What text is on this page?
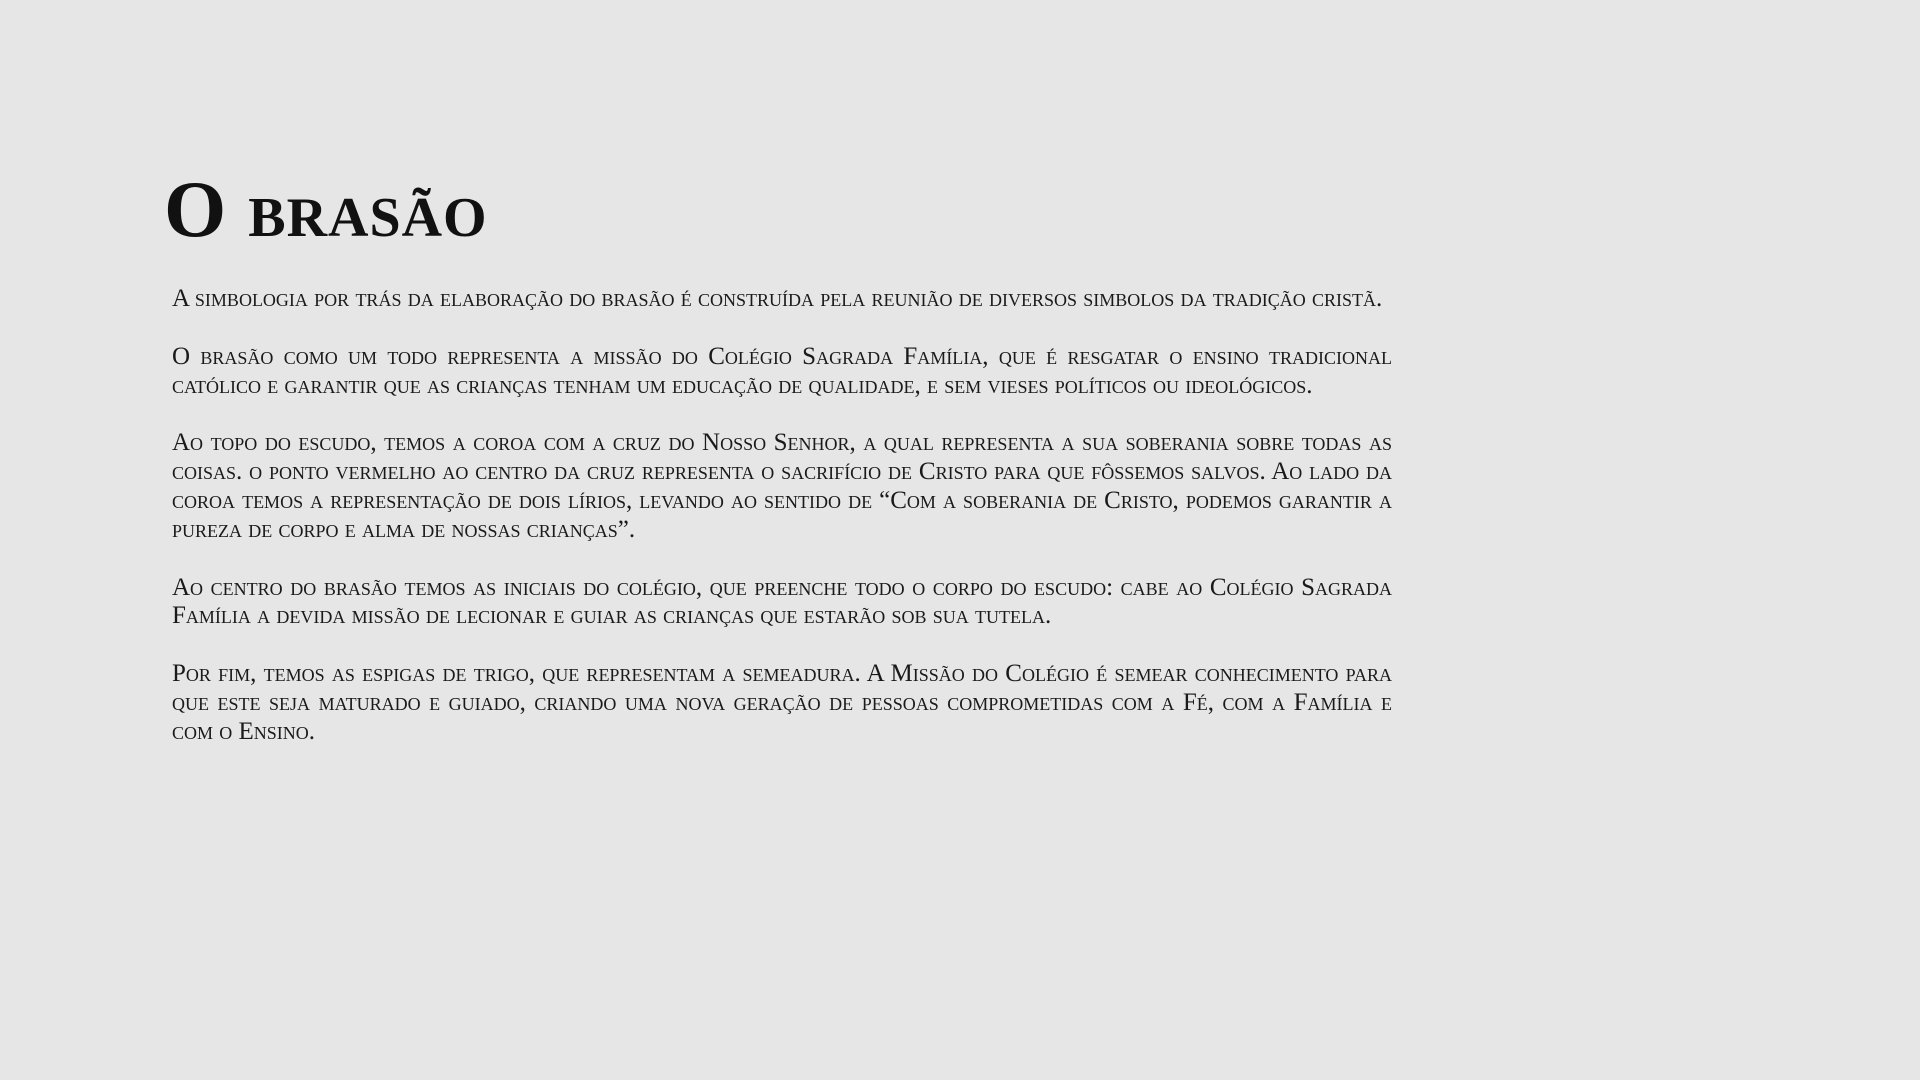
O brasão

A simbologia por trás da elaboração do brasão é construída pela reunião de diversos simbolos da tradição cristã.

O brasão como um todo representa a missão do Colégio Sagrada Família, que é resgatar o ensino tradicional católico e garantir que as crianças tenham um educação de qualidade, e sem vieses políticos ou ideológicos.

Ao topo do escudo, temos a coroa com a cruz do Nosso Senhor, a qual representa a sua soberania sobre todas as coisas. o ponto vermelho ao centro da cruz representa o sacrifício de Cristo para que fôssemos salvos. Ao lado da coroa temos a representação de dois lírios, levando ao sentido de “Com a soberania de Cristo, podemos garantir a pureza de corpo e alma de nossas crianças”.

Ao centro do brasão temos as iniciais do colégio, que preenche todo o corpo do escudo: cabe ao Colégio Sagrada Família a devida missão de lecionar e guiar as crianças que estarão sob sua tutela.

Por fim, temos as espigas de trigo, que representam a semeadura. A Missão do Colégio é semear conhecimento para que este seja maturado e guiado, criando uma nova geração de pessoas comprometidas com a Fé, com a Família e com o Ensino.
